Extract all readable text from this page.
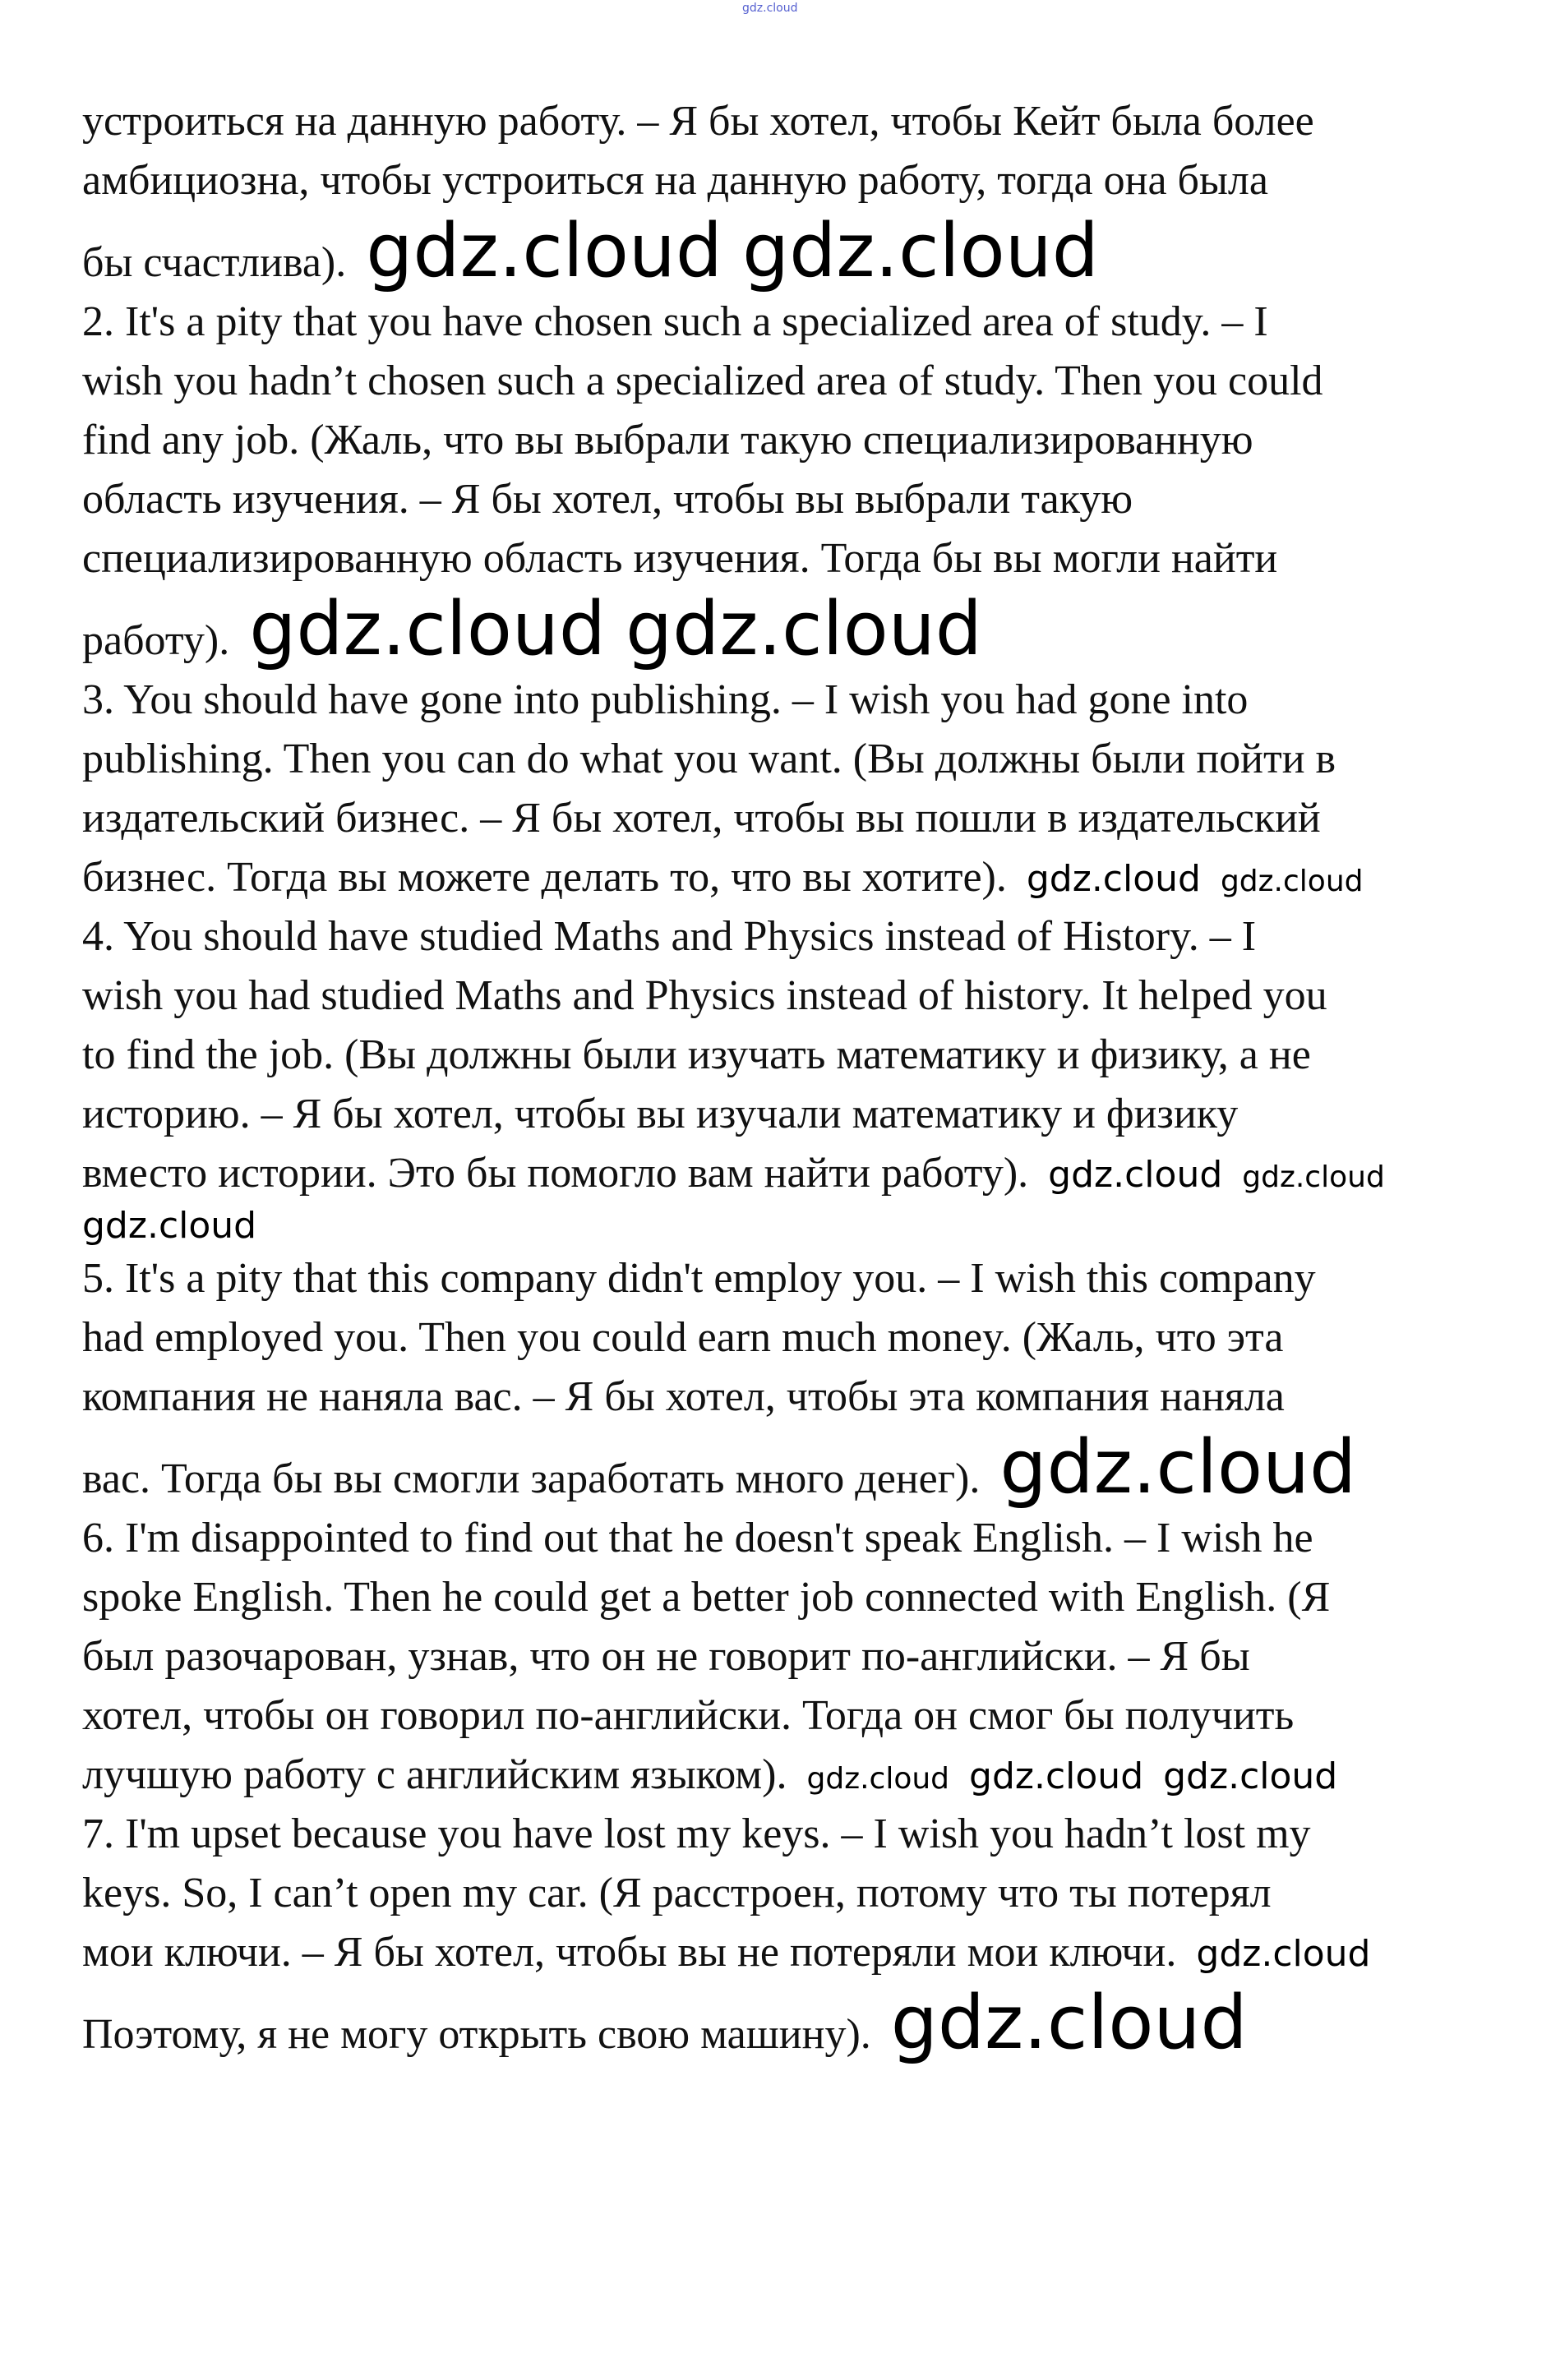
gdz.cloud
устроиться на данную работу. – Я бы хотел, чтобы Кейт была более
амбициозна, чтобы устроиться на данную работу, тогда она была
бы счастлива). gdz.cloud gdz.cloud
2. It's a pity that you have chosen such a specialized area of study. – I
wish you hadn’t chosen such a specialized area of study. Then you could
find any job. (Жаль, что вы выбрали такую специализированную
область изучения. – Я бы хотел, чтобы вы выбрали такую
специализированную область изучения. Тогда бы вы могли найти
работу). gdz.cloud gdz.cloud
3. You should have gone into publishing. – I wish you had gone into
publishing. Then you can do what you want. (Вы должны были пойти в
издательский бизнес. – Я бы хотел, чтобы вы пошли в издательский
бизнес. Тогда вы можете делать то, что вы хотите). gdz.cloud gdz.cloud
4. You should have studied Maths and Physics instead of History. – I
wish you had studied Maths and Physics instead of history. It helped you
to find the job. (Вы должны были изучать математику и физику, а не
историю. – Я бы хотел, чтобы вы изучали математику и физику
вместо истории. Это бы помогло вам найти работу). gdz.cloud gdz.cloud
gdz.cloud
5. It's a pity that this company didn't employ you. – I wish this company
had employed you. Then you could earn much money. (Жаль, что эта
компания не наняла вас. – Я бы хотел, чтобы эта компания наняла
вас. Тогда бы вы смогли заработать много денег). gdz.cloud
6. I'm disappointed to find out that he doesn't speak English. – I wish he
spoke English. Then he could get a better job connected with English. (Я
был разочарован, узнав, что он не говорит по-английски. – Я бы
хотел, чтобы он говорил по-английски. Тогда он смог бы получить
лучшую работу с английским языком). gdz.cloud gdz.cloud gdz.cloud
7. I'm upset because you have lost my keys. – I wish you hadn’t lost my
keys. So, I can’t open my car. (Я расстроен, потому что ты потерял
мои ключи. – Я бы хотел, чтобы вы не потеряли мои ключи. gdz.cloud
Поэтому, я не могу открыть свою машину). gdz.cloud
